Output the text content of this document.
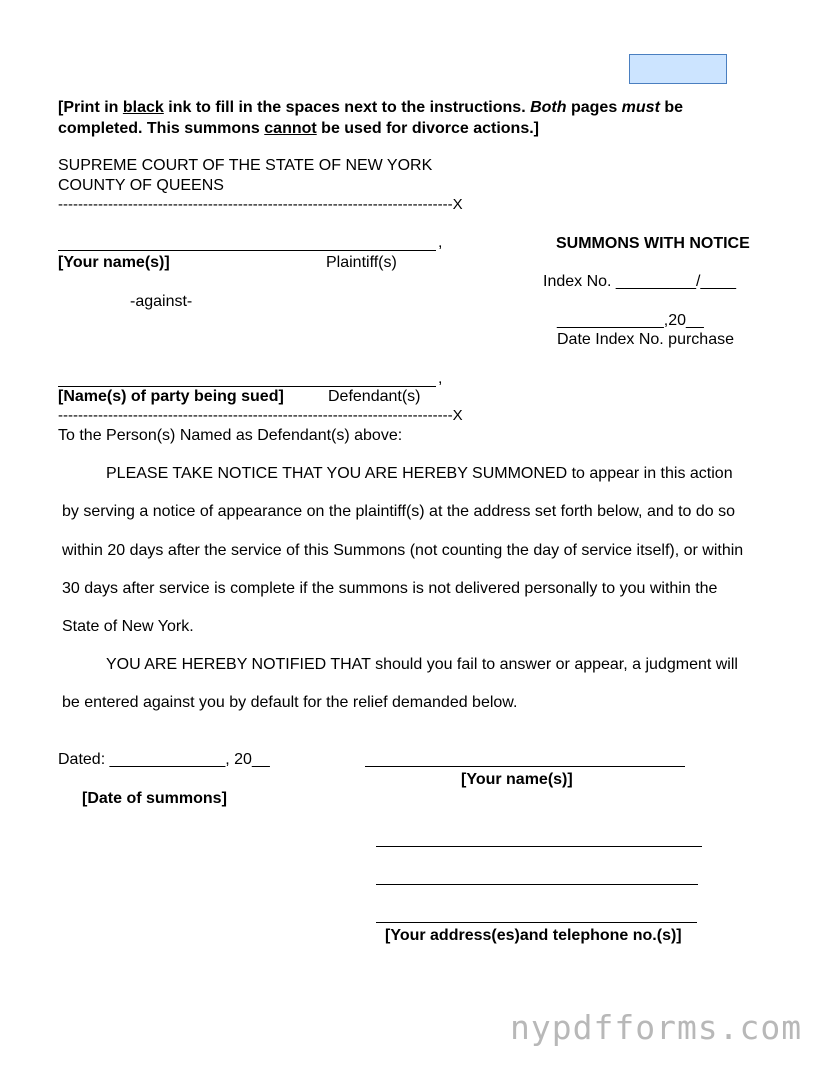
[Print in black ink to fill in the spaces next to the instructions. Both pages must be
completed. This summons cannot be used for divorce actions.]
SUPREME COURT OF THE STATE OF NEW YORK
COUNTY OF QUEENS
-------------------------------------------------------------------------------X
,
[Your name(s)]	Plaintiff(s)
-against-
,
[Name(s) of party being sued]	Defendant(s)
-------------------------------------------------------------------------------X
SUMMONS WITH NOTICE
Index No. _________/____
____________,20__
Date Index No. purchase
To the Person(s) Named as Defendant(s) above:
PLEASE TAKE NOTICE THAT YOU ARE HEREBY SUMMONED to appear in this action
by serving a notice of appearance on the plaintiff(s) at the address set forth below, and to do so
within 20 days after the service of this Summons (not counting the day of service itself), or within
30 days after service is complete if the summons is not delivered personally to you within the
State of New York.
YOU ARE HEREBY NOTIFIED THAT should you fail to answer or appear, a judgment will
be entered against you by default for the relief demanded below.
Dated: _____________, 20__
[Date of summons]
[Your name(s)]
[Your address(es)and telephone no.(s)]
nypdfforms.com
